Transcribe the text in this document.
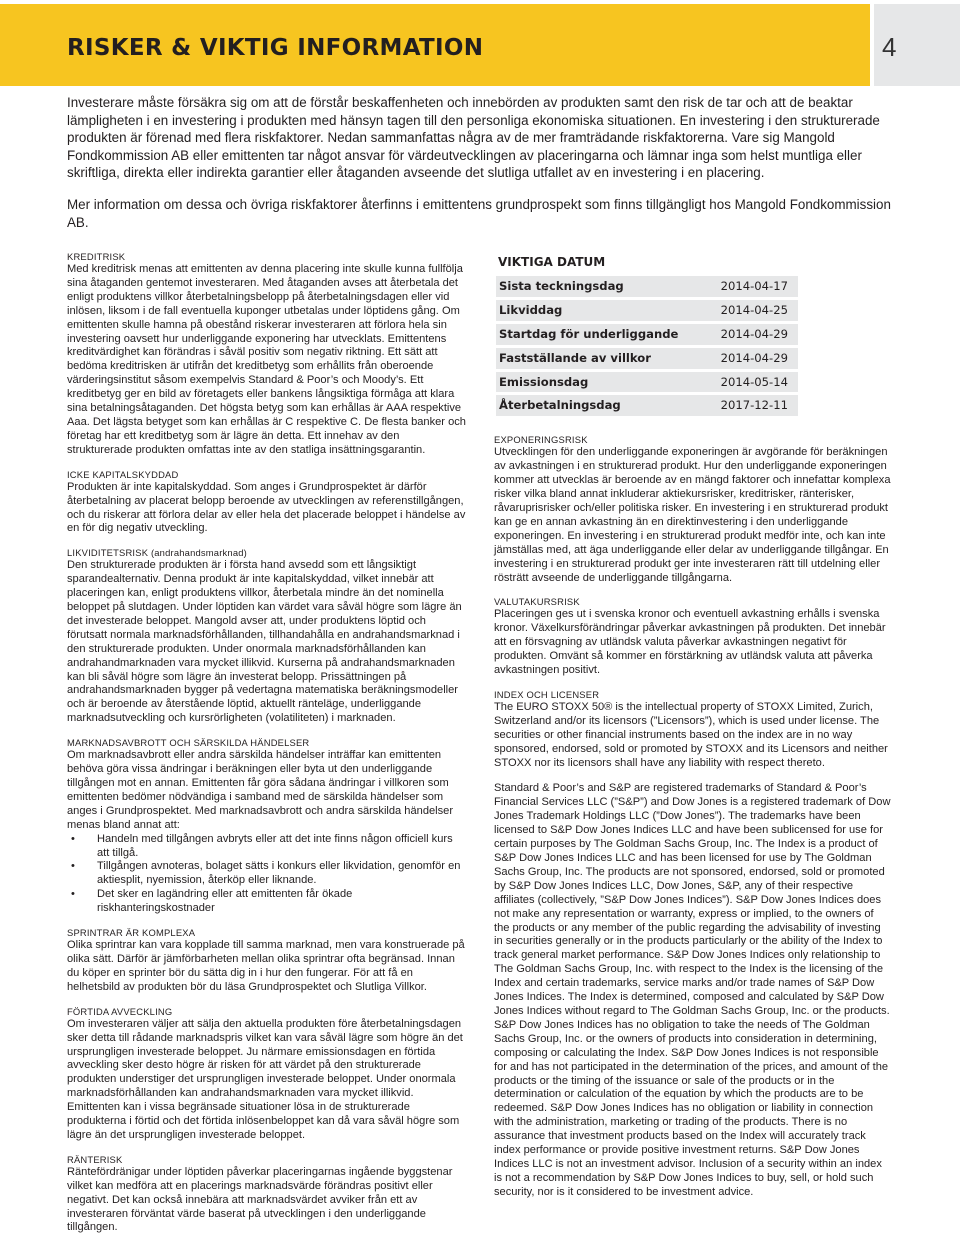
RISKER & VIKTIG INFORMATION	4

Investerare måste försäkra sig om att de förstår beskaffenheten och innebörden av produkten samt den risk de tar och att de beaktar lämpligheten i en investering i produkten med hänsyn tagen till den personliga ekonomiska situationen. En investering i den strukturerade produkten är förenad med flera riskfaktorer. Nedan sammanfattas några av de mer framträdande riskfaktorerna. Vare sig Mangold Fondkommission AB eller emittenten tar något ansvar för värdeutvecklingen av placeringarna och lämnar inga som helst muntliga eller skriftliga, direkta eller indirekta garantier eller åtaganden avseende det slutliga utfallet av en investering i en placering.

Mer information om dessa och övriga riskfaktorer återfinns i emittentens grundprospekt som finns tillgängligt hos Mangold Fondkommission AB.

KREDITRISK

Med kreditrisk menas att emittenten av denna placering inte skulle kunna fullfölja sina åtaganden gentemot investeraren. Med åtaganden avses att återbetala det enligt produktens villkor återbetalningsbelopp på återbetalningsdagen eller vid inlösen, liksom i de fall eventuella kuponger utbetalas under löptidens gång. Om emittenten skulle hamna på obestånd riskerar investeraren att förlora hela sin investering oavsett hur underliggande exponering har utvecklats. Emittentens kreditvärdighet kan förändras i såväl positiv som negativ riktning. Ett sätt att bedöma kreditrisken är utifrån det kreditbetyg som erhållits från oberoende värderingsinstitut såsom exempelvis Standard & Poor’s och Moody’s. Ett kreditbetyg ger en bild av företagets eller bankens långsiktiga förmåga att klara sina betalningsåtaganden. Det högsta betyg som kan erhållas är AAA respektive Aaa. Det lägsta betyget som kan erhållas är C respektive C. De flesta banker och företag har ett kreditbetyg som är lägre än detta. Ett innehav av den strukturerade produkten omfattas inte av den statliga insättningsgarantin.

ICKE KAPITALSKYDDAD

Produkten är inte kapitalskyddad. Som anges i Grundprospektet är därför återbetalning av placerat belopp beroende av utvecklingen av referenstillgången, och du riskerar att förlora delar av eller hela det placerade beloppet i händelse av en för dig negativ utveckling.

LIKVIDITETSRISK (andrahandsmarknad)

Den strukturerade produkten är i första hand avsedd som ett långsiktigt sparandealternativ. Denna produkt är inte kapitalskyddad, vilket innebär att placeringen kan, enligt produktens villkor, återbetala mindre än det nominella beloppet på slutdagen. Under löptiden kan värdet vara såväl högre som lägre än det investerade beloppet. Mangold avser att, under produktens löptid och förutsatt normala marknadsförhållanden, tillhandahålla en andrahandsmarknad i den strukturerade produkten. Under onormala marknadsförhållanden kan andrahandmarknaden vara mycket illikvid. Kurserna på andrahandsmarknaden kan bli såväl högre som lägre än investerat belopp. Prissättningen på andrahandsmarknaden bygger på vedertagna matematiska beräkningsmodeller och är beroende av återstående löptid, aktuellt ränteläge, underliggande marknadsutveckling och kursrörligheten (volatiliteten) i marknaden.

MARKNADSAVBROTT OCH SÄRSKILDA HÄNDELSER

Om marknadsavbrott eller andra särskilda händelser inträffar kan emittenten behöva göra vissa ändringar i beräkningen eller byta ut den underliggande tillgången mot en annan. Emittenten får göra sådana ändringar i villkoren som emittenten bedömer nödvändiga i samband med de särskilda händelser som anges i Grundprospektet. Med marknadsavbrott och andra särskilda händelser menas bland annat att:

• Handeln med tillgången avbryts eller att det inte finns någon officiell kurs att tillgå.
• Tillgången avnoteras, bolaget sätts i konkurs eller likvidation, genomför en aktiesplit, nyemission, återköp eller liknande.
• Det sker en lagändring eller att emittenten får ökade riskhanteringskostnader
SPRINTRAR ÄR KOMPLEXA

Olika sprintrar kan vara kopplade till samma marknad, men vara konstruerade på olika sätt. Därför är jämförbarheten mellan olika sprintrar ofta begränsad. Innan du köper en sprinter bör du sätta dig in i hur den fungerar. För att få en helhetsbild av produkten bör du läsa Grundprospektet och Slutliga Villkor.

FÖRTIDA AVVECKLING

Om investeraren väljer att sälja den aktuella produkten före återbetalningsdagen sker detta till rådande marknadspris vilket kan vara såväl lägre som högre än det ursprungligen investerade beloppet. Ju närmare emissionsdagen en förtida avveckling sker desto högre är risken för att värdet på den strukturerade produkten understiger det ursprungligen investerade beloppet. Under onormala marknadsförhållanden kan andrahandsmarknaden vara mycket illikvid. Emittenten kan i vissa begränsade situationer lösa in de strukturerade produkterna i förtid och det förtida inlösenbeloppet kan då vara såväl högre som lägre än det ursprungligen investerade beloppet.

RÄNTERISK

Räntefördränigar under löptiden påverkar placeringarnas ingående byggstenar vilket kan medföra att en placerings marknadsvärde förändras positivt eller negativt. Det kan också innebära att marknadsvärdet avviker från ett av investeraren förväntat värde baserat på utvecklingen i den underliggande tillgången.

VIKTIGA DATUM
Sista teckningsdag	2014-04-17
Likviddag	2014-04-25
Startdag för underliggande	2014-04-29
Fastställande av villkor	2014-04-29
Emissionsdag	2014-05-14
Återbetalningsdag	2017-12-11
EXPONERINGSRISK

Utvecklingen för den underliggande exponeringen är avgörande för beräkningen av avkastningen i en strukturerad produkt. Hur den underliggande exponeringen kommer att utvecklas är beroende av en mängd faktorer och innefattar komplexa risker vilka bland annat inkluderar aktiekursrisker, kreditrisker, ränterisker, råvaruprisrisker och/eller politiska risker. En investering i en strukturerad produkt kan ge en annan avkastning än en direktinvestering i den underliggande exponeringen. En investering i en strukturerad produkt medför inte, och kan inte jämställas med, att äga underliggande eller delar av underliggande tillgångar. En investering i en strukturerad produkt ger inte investeraren rätt till utdelning eller rösträtt avseende de underliggande tillgångarna.

VALUTAKURSRISK

Placeringen ges ut i svenska kronor och eventuell avkastning erhålls i svenska kronor. Växelkursförändringar påverkar avkastningen på produkten. Det innebär att en försvagning av utländsk valuta påverkar avkastningen negativt för produkten. Omvänt så kommer en förstärkning av utländsk valuta att påverka avkastningen positivt.

INDEX OCH LICENSER

The EURO STOXX 50® is the intellectual property of STOXX Limited, Zurich, Switzerland and/or its licensors (”Licensors”), which is used under license. The securities or other financial instruments based on the index are in no way sponsored, endorsed, sold or promoted by STOXX and its Licensors and neither STOXX nor its licensors shall have any liability with respect thereto.

Standard & Poor’s and S&P are registered trademarks of Standard & Poor’s Financial Services LLC (”S&P”) and Dow Jones is a registered trademark of Dow Jones Trademark Holdings LLC (”Dow Jones”). The trademarks have been licensed to S&P Dow Jones Indices LLC and have been sublicensed for use for certain purposes by The Goldman Sachs Group, Inc. The Index is a product of S&P Dow Jones Indices LLC and has been licensed for use by The Goldman Sachs Group, Inc. The products are not sponsored, endorsed, sold or promoted by S&P Dow Jones Indices LLC, Dow Jones, S&P, any of their respective affiliates (collectively, ”S&P Dow Jones Indices”). S&P Dow Jones Indices does not make any representation or warranty, express or implied, to the owners of the products or any member of the public regarding the advisability of investing in securities generally or in the products particularly or the ability of the Index to track general market performance. S&P Dow Jones Indices only relationship to The Goldman Sachs Group, Inc. with respect to the Index is the licensing of the Index and certain trademarks, service marks and/or trade names of S&P Dow Jones Indices. The Index is determined, composed and calculated by S&P Dow Jones Indices without regard to The Goldman Sachs Group, Inc. or the products. S&P Dow Jones Indices has no obligation to take the needs of The Goldman Sachs Group, Inc. or the owners of products into consideration in determining, composing or calculating the Index. S&P Dow Jones Indices is not responsible for and has not participated in the determination of the prices, and amount of the products or the timing of the issuance or sale of the products or in the determination or calculation of the equation by which the products are to be redeemed. S&P Dow Jones Indices has no obligation or liability in connection with the administration, marketing or trading of the products. There is no assurance that investment products based on the Index will accurately track index performance or provide positive investment returns. S&P Dow Jones Indices LLC is not an investment advisor. Inclusion of a security within an index is not a recommendation by S&P Dow Jones Indices to buy, sell, or hold such security, nor is it considered to be investment advice.
